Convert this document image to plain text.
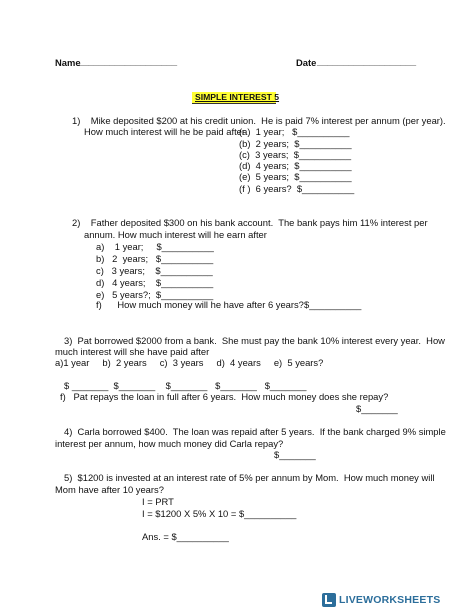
Name
___________________	Date ___________________
SIMPLE INTEREST 5
1)    Mike deposited $200 at his credit union.  He is paid 7% interest per annum (per year).
How much interest will he be paid after
(a)  1 year;   $__________
(b)  2 years;  $__________
(c)  3 years;  $__________
(d)  4 years;  $__________
(e)  5 years;  $__________
(f )  6 years?  $__________
2)    Father deposited $300 on his bank account.  The bank pays him 11% interest per
annum. How much interest will he earn after
a)    1 year;     $__________
b)   2  years;   $__________
c)   3 years;    $__________
d)   4 years;    $__________
e)   5 years?;  $__________
f)      How much money will he have after 6 years? $__________
3)  Pat borrowed $2000 from a bank.  She must pay the bank 10% interest every year.  How
much interest will she have paid after
a)1 year     b)  2 years     c)  3 years     d)  4 years     e)  5 years?
$ _______  $_______    $_______   $_______   $_______
f)   Pat repays the loan in full after 6 years.  How much money does she repay?
$_______
4)  Carla borrowed $400.  The loan was repaid after 5 years.  If the bank charged 9% simple
interest per annum, how much money did Carla repay?
$_______
5)  $1200 is invested at an interest rate of 5% per annum by Mom.  How much money will
Mom have after 10 years?
I = PRT
I = $1200 X 5% X 10 = $__________
Ans. = $__________
LIVEWORKSHEETS
